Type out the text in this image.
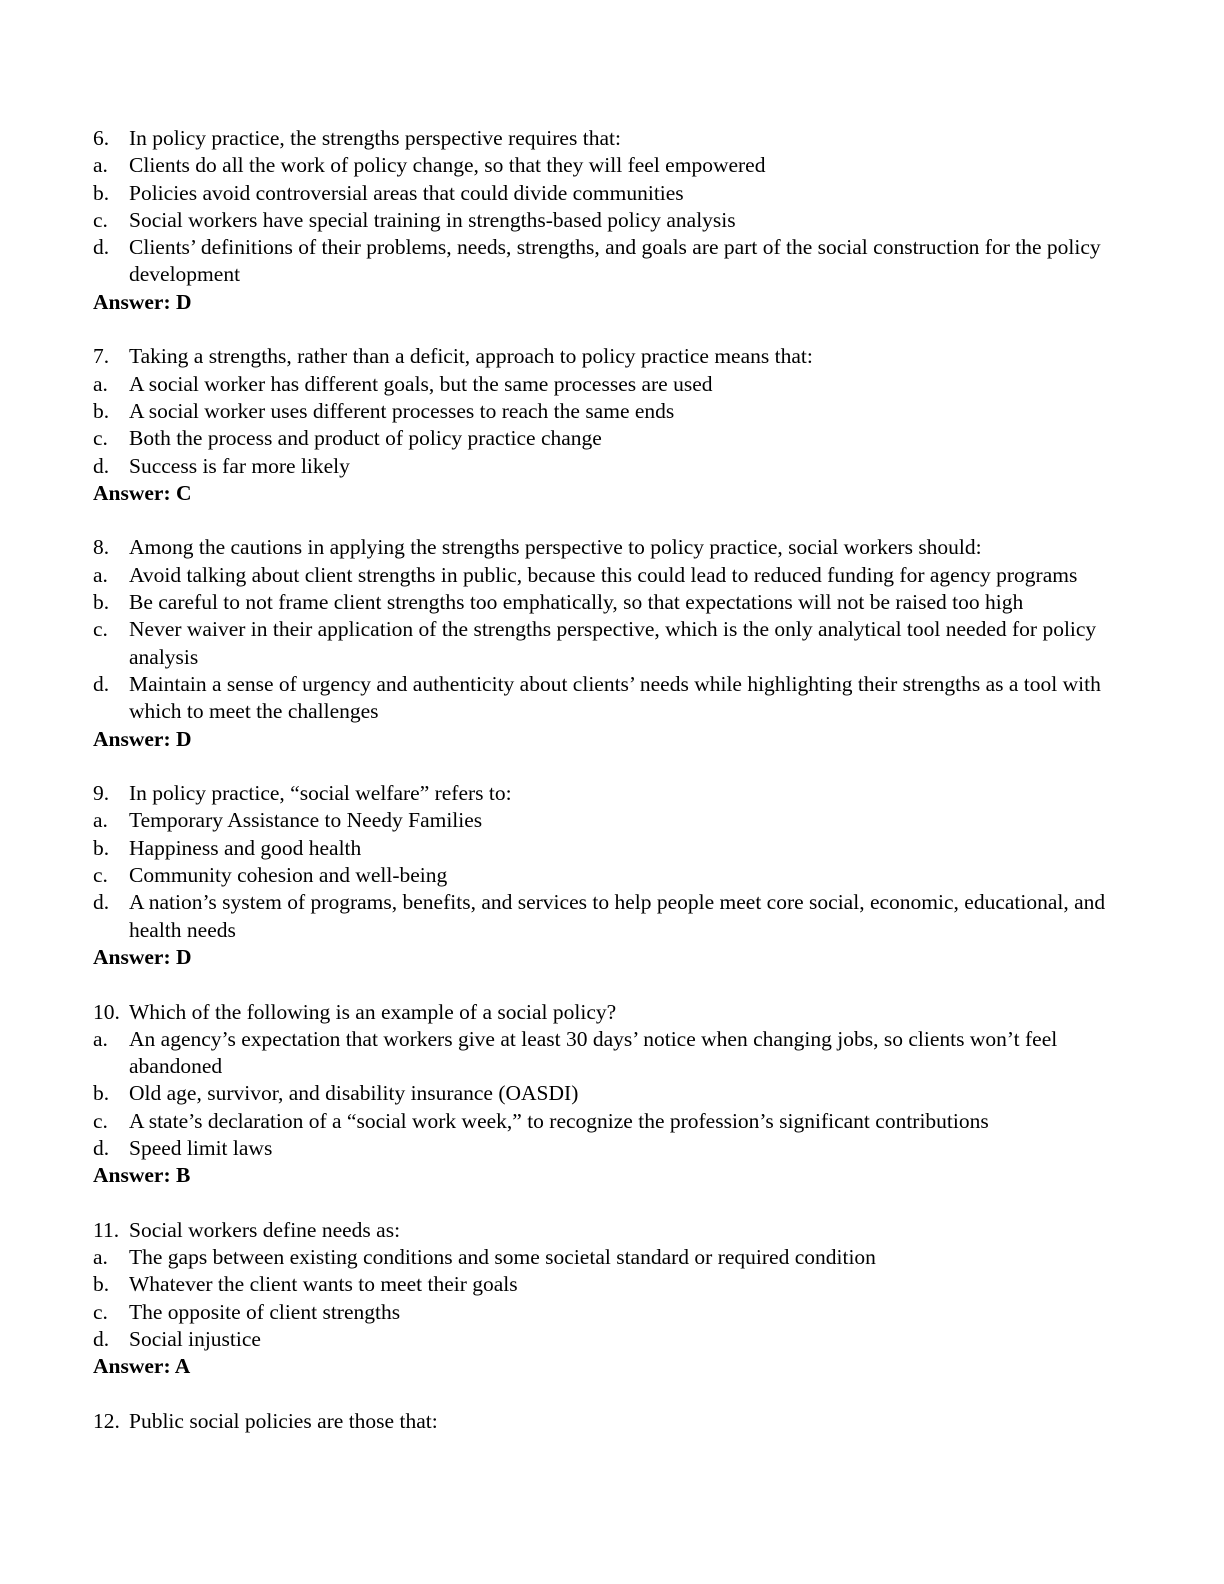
6. In policy practice, the strengths perspective requires that:
a. Clients do all the work of policy change, so that they will feel empowered
b. Policies avoid controversial areas that could divide communities
c. Social workers have special training in strengths-based policy analysis
d. Clients’ definitions of their problems, needs, strengths, and goals are part of the social construction for the policy development
Answer: D
7. Taking a strengths, rather than a deficit, approach to policy practice means that:
a. A social worker has different goals, but the same processes are used
b. A social worker uses different processes to reach the same ends
c. Both the process and product of policy practice change
d. Success is far more likely
Answer: C
8. Among the cautions in applying the strengths perspective to policy practice, social workers should:
a. Avoid talking about client strengths in public, because this could lead to reduced funding for agency programs
b. Be careful to not frame client strengths too emphatically, so that expectations will not be raised too high
c. Never waiver in their application of the strengths perspective, which is the only analytical tool needed for policy analysis
d. Maintain a sense of urgency and authenticity about clients’ needs while highlighting their strengths as a tool with which to meet the challenges
Answer: D
9. In policy practice, “social welfare” refers to:
a. Temporary Assistance to Needy Families
b. Happiness and good health
c. Community cohesion and well-being
d. A nation’s system of programs, benefits, and services to help people meet core social, economic, educational, and health needs
Answer: D
10. Which of the following is an example of a social policy?
a. An agency’s expectation that workers give at least 30 days’ notice when changing jobs, so clients won’t feel abandoned
b. Old age, survivor, and disability insurance (OASDI)
c. A state’s declaration of a “social work week,” to recognize the profession’s significant contributions
d. Speed limit laws
Answer: B
11. Social workers define needs as:
a. The gaps between existing conditions and some societal standard or required condition
b. Whatever the client wants to meet their goals
c. The opposite of client strengths
d. Social injustice
Answer: A
12. Public social policies are those that:
